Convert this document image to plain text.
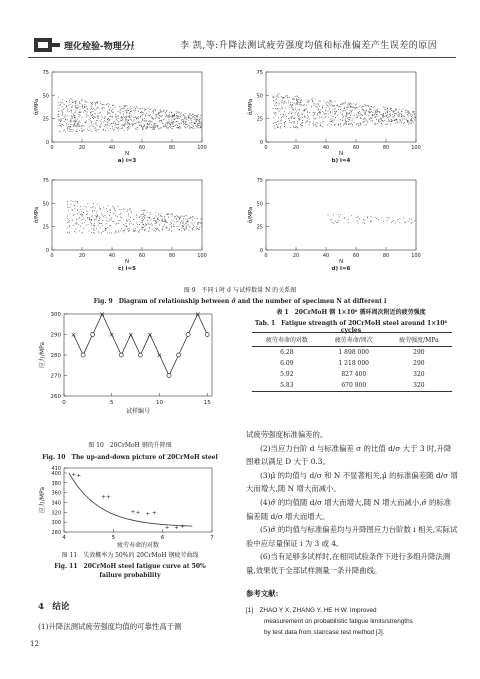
理化检验-物理分册	李 凯,等:升降法测试疲劳强度均值和标准偏差产生误差的原因
0
25
50
75
0	20	40	60	80	100
N
σ̂/MPa
a) i=3
0
25
50
75
0	20	40	60	80	100
N
σ̂/MPa
b) i=4
0
25
50
75
0	20	40	60	80	100
N
σ̂/MPa
c) i=5
0
25
50
75
0	20	40	60	80	100
N
σ̂/MPa
d) i=6
图 9　不同 i 时 σ̂ 与试样数量 N 的关系图
Fig. 9　Diagram of relationship between σ̂ and the number of specimen N at different i
260
270
280
290
300
0	5	10	15
试样编号
应力/MPa
×
×
× × ×
×
×
图 10　20CrMoH 钢的升降图
Fig. 10　The up-and-down picture of 20CrMoH steel
280
300
320
340
360
380
400
410
4	5	6	7
疲劳寿命的对数
应力/MPa
+ +
+ +
+ + + +
+ + +
图 11　失效概率为 50%的 20CrMoH 钢疲劳曲线
Fig. 11　20CrMoH steel fatigue curve at 50%
failure probability
4　结论
(1)升降法测试疲劳强度均值的可靠性高于测
12
表 1　20CrMoH 钢 1×10⁶ 循环周次附近的疲劳强度
Tab. 1　Fatigue strength of 20CrMoH steel around 1×10⁶ cycles
疲劳寿命的对数	疲劳寿命/周次	疲劳强度/MPa
6.28	1 898 000	290
6.09	1 218 000	290
5.92	827 400	320
5.83	670 900	320
试疲劳强度标准偏差的。
(2)当应力台阶 d 与标准偏差 σ 的比值 d/σ 大于 3 时,升降图难以满足 D 大于 0.3。
(3)μ̂ 的均值与 d/σ 和 N 不显著相关,μ̂ 的标准偏差随 d/σ 增大而增大,随 N 增大而减小。
(4)σ̂ 的均值随 d/σ 增大而增大,随 N 增大而减小,σ̂ 的标准偏差随 d/σ 增大而增大。
(5)σ̂ 的均值与标准偏差均与升降图应力台阶数 i 相关,实际试验中应尽量保证 i 为 3 或 4。
(6)当有足够多试样时,在相同试验条件下进行多组升降法测量,效果优于全部试样测量一条升降曲线。
参考文献:
[1]　ZHAO Y X, ZHANG Y, HE H W. Improved
measurement on probabilistic fatigue limits/strengths
by test data from staircase test method [J].
